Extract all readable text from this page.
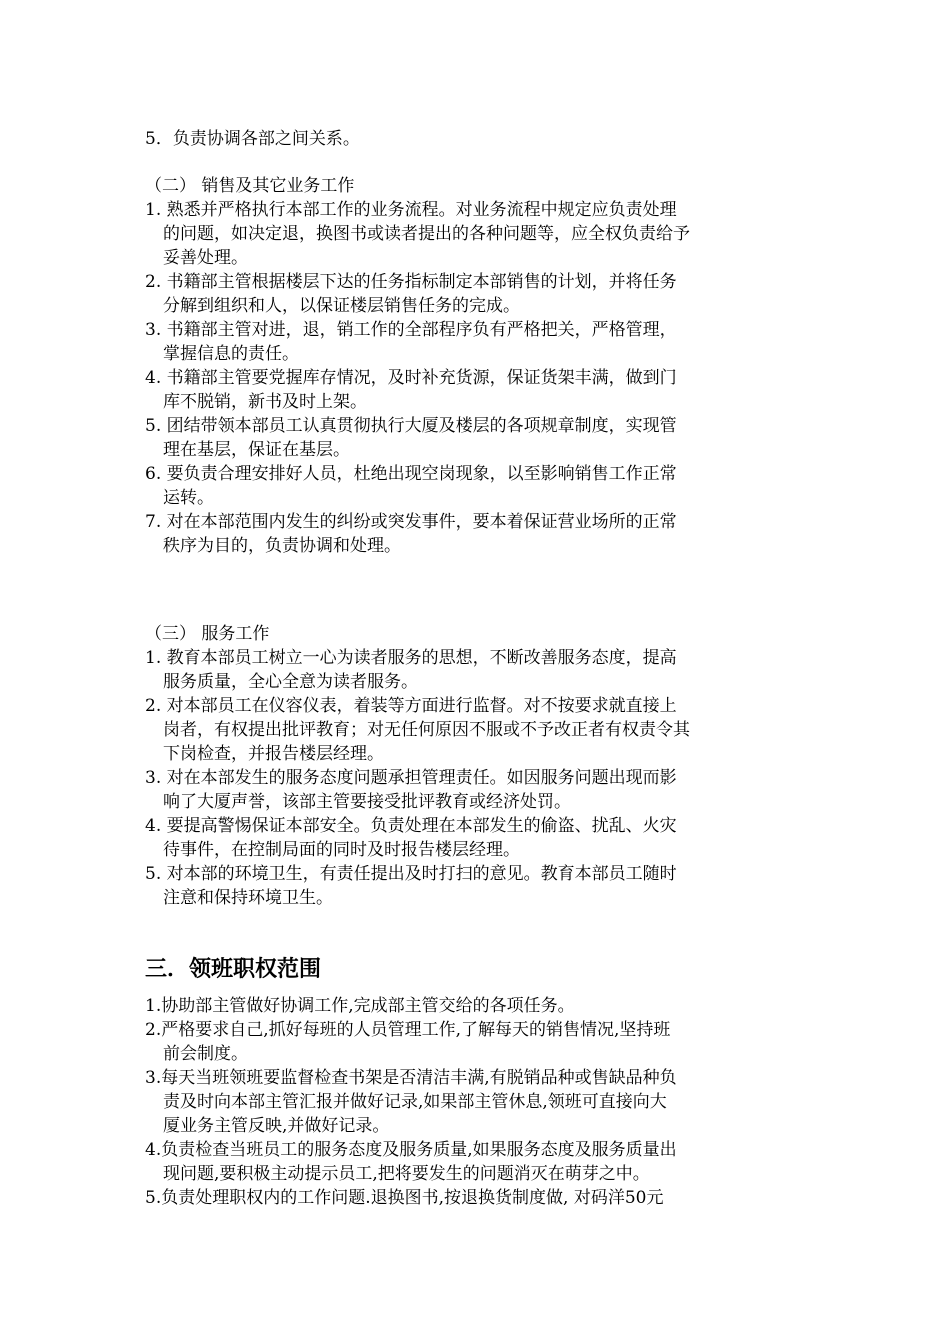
5．负责协调各部之间关系。
（二） 销售及其它业务工作
1. 熟悉并严格执行本部工作的业务流程。对业务流程中规定应负责处理
的问题，如决定退，换图书或读者提出的各种问题等，应全权负责给予
妥善处理。
2. 书籍部主管根据楼层下达的任务指标制定本部销售的计划，并将任务
分解到组织和人，以保证楼层销售任务的完成。
3. 书籍部主管对进，退，销工作的全部程序负有严格把关，严格管理，
掌握信息的责任。
4. 书籍部主管要党握库存情况，及时补充货源，保证货架丰满，做到门
库不脱销，新书及时上架。
5. 团结带领本部员工认真贯彻执行大厦及楼层的各项规章制度，实现管
理在基层，保证在基层。
6. 要负责合理安排好人员，杜绝出现空岗现象，以至影响销售工作正常
运转。
7. 对在本部范围内发生的纠纷或突发事件，要本着保证营业场所的正常
秩序为目的，负责协调和处理。
（三） 服务工作
1. 教育本部员工树立一心为读者服务的思想，不断改善服务态度，提高
服务质量，全心全意为读者服务。
2. 对本部员工在仪容仪表，着装等方面进行监督。对不按要求就直接上
岗者，有权提出批评教育；对无任何原因不服或不予改正者有权责令其
下岗检查，并报告楼层经理。
3. 对在本部发生的服务态度问题承担管理责任。如因服务问题出现而影
响了大厦声誉，该部主管要接受批评教育或经济处罚。
4. 要提高警惕保证本部安全。负责处理在本部发生的偷盗、扰乱、火灾
待事件，在控制局面的同时及时报告楼层经理。
5. 对本部的环境卫生，有责任提出及时打扫的意见。教育本部员工随时
注意和保持环境卫生。
三．领班职权范围
1.协助部主管做好协调工作,完成部主管交给的各项任务。
2.严格要求自己,抓好每班的人员管理工作,了解每天的销售情况,坚持班
前会制度。
3.每天当班领班要监督检查书架是否清洁丰满,有脱销品种或售缺品种负
责及时向本部主管汇报并做好记录,如果部主管休息,领班可直接向大
厦业务主管反映,并做好记录。
4.负责检查当班员工的服务态度及服务质量,如果服务态度及服务质量出
现问题,要积极主动提示员工,把将要发生的问题消灭在萌芽之中。
5.负责处理职权内的工作问题.退换图书,按退换货制度做, 对码洋50元
